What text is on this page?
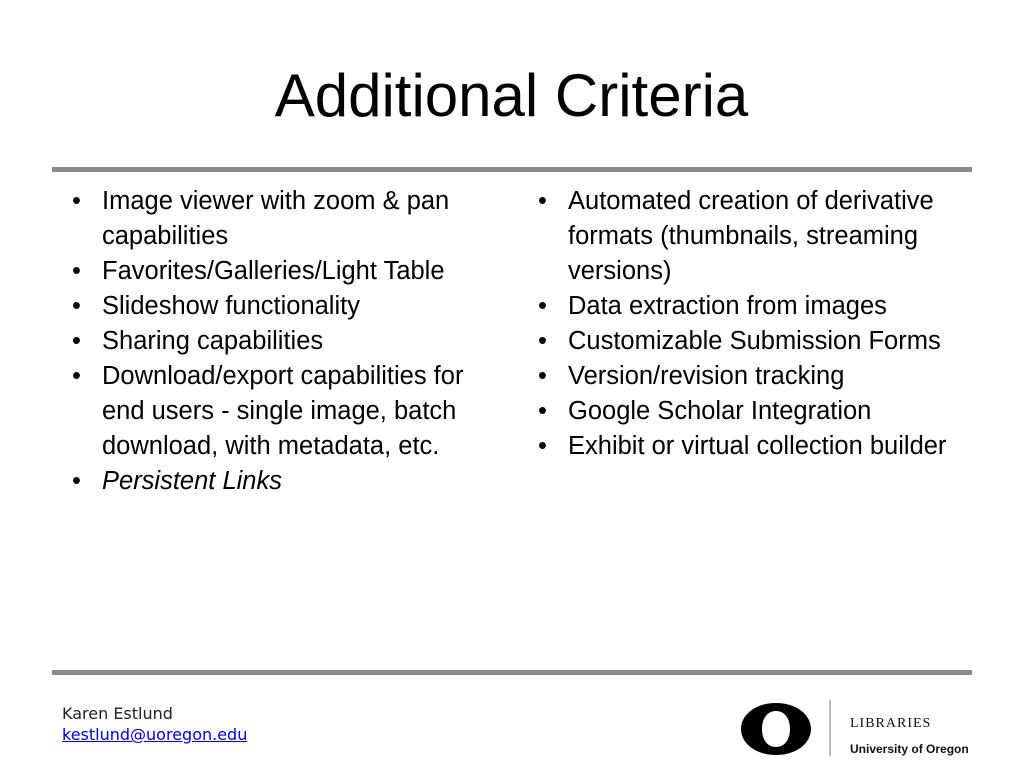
Additional Criteria
• Image viewer with zoom & pan capabilities
• Favorites/Galleries/Light Table
• Slideshow functionality
• Sharing capabilities
• Download/export capabilities for end users - single image, batch download, with metadata, etc.
• Persistent Links
• Automated creation of derivative formats (thumbnails, streaming versions)
• Data extraction from images
• Customizable Submission Forms
• Version/revision tracking
• Google Scholar Integration
• Exhibit or virtual collection builder
Karen Estlund
kestlund@uoregon.edu
LIBRARIES
University of Oregon
